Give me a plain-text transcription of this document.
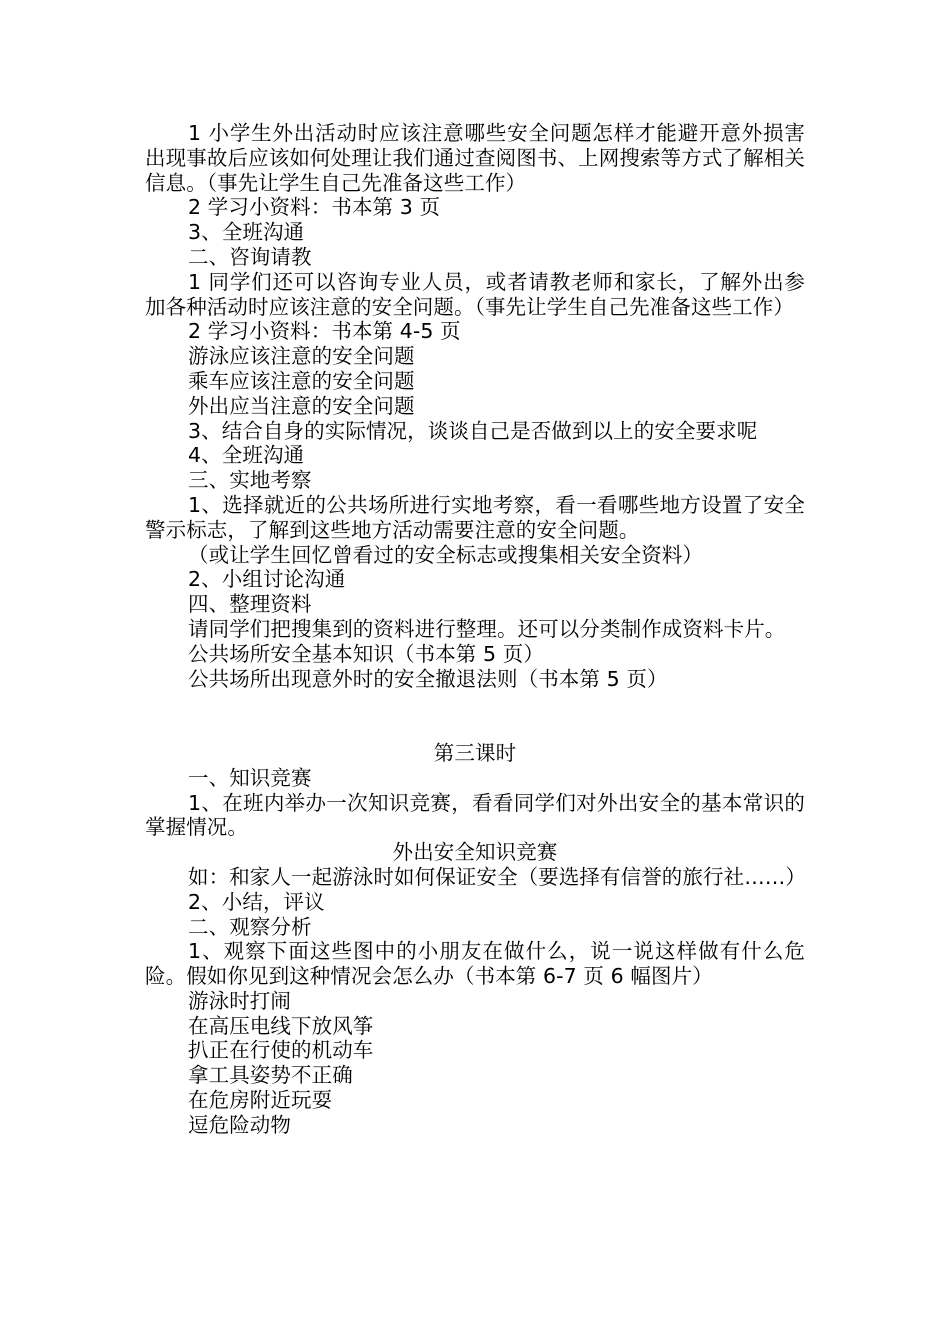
1 小学生外出活动时应该注意哪些安全问题怎样才能避开意外损害出现事故后应该如何处理让我们通过查阅图书、上网搜索等方式了解相关信息。（事先让学生自己先准备这些工作）

2 学习小资料：书本第 3 页

3、全班沟通

二、咨询请教

1 同学们还可以咨询专业人员，或者请教老师和家长，了解外出参加各种活动时应该注意的安全问题。（事先让学生自己先准备这些工作）

2 学习小资料：书本第 4-5 页

游泳应该注意的安全问题

乘车应该注意的安全问题

外出应当注意的安全问题

3、结合自身的实际情况，谈谈自己是否做到以上的安全要求呢

4、全班沟通

三、实地考察

1、选择就近的公共场所进行实地考察，看一看哪些地方设置了安全警示标志，了解到这些地方活动需要注意的安全问题。

（或让学生回忆曾看过的安全标志或搜集相关安全资料）

2、小组讨论沟通

四、整理资料

请同学们把搜集到的资料进行整理。还可以分类制作成资料卡片。

公共场所安全基本知识（书本第 5 页）

公共场所出现意外时的安全撤退法则（书本第 5 页）

第三课时

一、知识竞赛

1、在班内举办一次知识竞赛，看看同学们对外出安全的基本常识的掌握情况。

外出安全知识竞赛

如：和家人一起游泳时如何保证安全（要选择有信誉的旅行社……）

2、小结，评议

二、观察分析

1、观察下面这些图中的小朋友在做什么，说一说这样做有什么危险。假如你见到这种情况会怎么办（书本第 6-7 页 6 幅图片）

游泳时打闹

在高压电线下放风筝

扒正在行使的机动车

拿工具姿势不正确

在危房附近玩耍

逗危险动物
